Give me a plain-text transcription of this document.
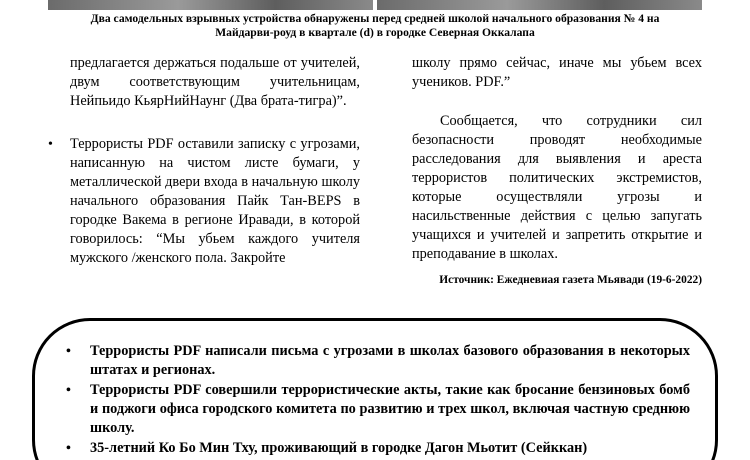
Два самодельных взрывных устройства обнаружены перед средней школой начального образования № 4 на
Майдарви-роуд в квартале (d) в городке Северная Оккалапа

предлагается держаться подальше от учителей, двум соответствующим учительницам, Нейпьидо КьярНийНаунг (Два брата-тигра)”.

• Террористы PDF оставили записку с угрозами, написанную на чистом листе бумаги, у металлической двери входа в начальную школу начального образования Пайк Тан-BEPS в городке Вакема в регионе Иравади, в которой говорилось: “Мы убьем каждого учителя мужского /женского пола. Закройте

школу прямо сейчас, иначе мы убьем всех учеников. PDF.”

Сообщается, что сотрудники сил безопасности проводят необходимые расследования для выявления и ареста террористов политических экстремистов, которые осуществляли угрозы и насильственные действия с целью запугать учащихся и учителей и запретить открытие и преподавание в школах.

Источник: Ежедневиая газета Мьявади (19-6-2022)
• Террористы PDF написали письма с угрозами в школах базового образования в некоторых штатах и регионах.
• Террористы PDF совершили террористические акты, такие как бросание бензиновых бомб и поджоги офиса городского комитета по развитию и трех школ, включая частную среднюю школу.
• 35-летний Ко Бо Мин Тху, проживающий в городке Дагон Мьотит (Сейккан)
